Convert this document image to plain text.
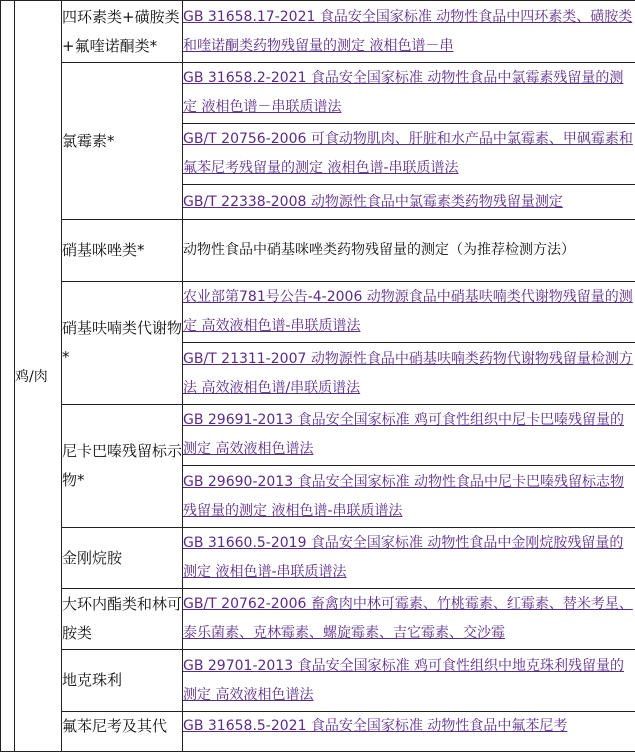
	鸡/肉	四环素类+磺胺类+氟喹诺酮类*	GB 31658.17-2021 食品安全国家标准 动物性食品中四环素类、磺胺类和喹诺酮类药物残留量的测定 液相色谱－串

		氯霉素*	GB 31658.2-2021 食品安全国家标准 动物性食品中氯霉素残留量的测定 液相色谱－串联质谱法
			GB/T 20756-2006 可食动物肌肉、肝脏和水产品中氯霉素、甲砜霉素和氟苯尼考残留量的测定 液相色谱-串联质谱法
			GB/T 22338-2008 动物源性食品中氯霉素类药物残留量测定

		硝基咪唑类*	动物性食品中硝基咪唑类药物残留量的测定（为推荐检测方法）

		硝基呋喃类代谢物*	农业部第781号公告-4-2006 动物源食品中硝基呋喃类代谢物残留量的测定 高效液相色谱-串联质谱法
			GB/T 21311-2007 动物源性食品中硝基呋喃类药物代谢物残留量检测方法 高效液相色谱/串联质谱法

		尼卡巴嗪残留标示物*	GB 29691-2013 食品安全国家标准 鸡可食性组织中尼卡巴嗪残留量的测定 高效液相色谱法
			GB 29690-2013 食品安全国家标准 动物性食品中尼卡巴嗪残留标志物残留量的测定 液相色谱-串联质谱法

		金刚烷胺	GB 31660.5-2019 食品安全国家标准 动物性食品中金刚烷胺残留量的测定 液相色谱-串联质谱法

		大环内酯类和林可胺类	GB/T 20762-2006 畜禽肉中林可霉素、竹桃霉素、红霉素、替米考星、泰乐菌素、克林霉素、螺旋霉素、吉它霉素、交沙霉

		地克珠利	GB 29701-2013 食品安全国家标准 鸡可食性组织中地克珠利残留量的测定 高效液相色谱法

		氟苯尼考及其代	GB 31658.5-2021 食品安全国家标准 动物性食品中氟苯尼考
